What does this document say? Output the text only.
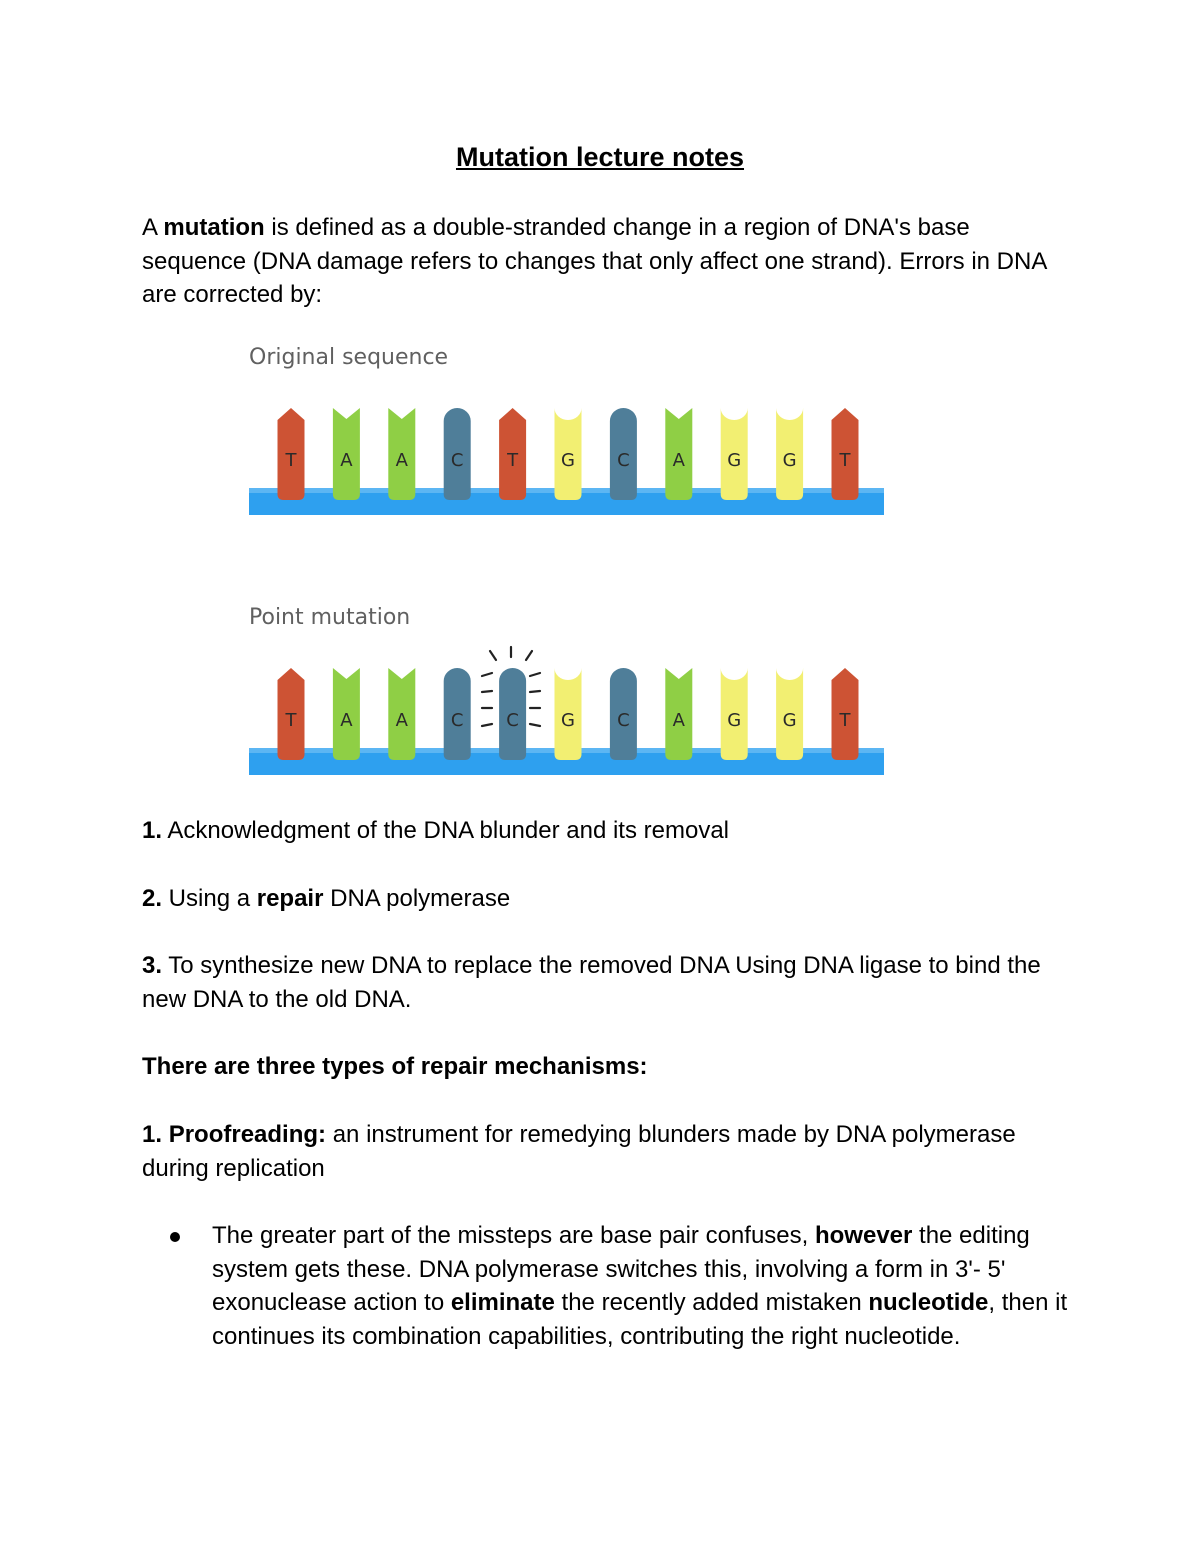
Mutation lecture notes
A mutation is defined as a double-stranded change in a region of DNA's base sequence (DNA damage refers to changes that only affect one strand). Errors in DNA are corrected by:
Original sequence
Point mutation
T A A C T G C A G G T
T A A C C G C A G G T
1. Acknowledgment of the DNA blunder and its removal
2. Using a repair DNA polymerase
3. To synthesize new DNA to replace the removed DNA Using DNA ligase to bind the new DNA to the old DNA.
There are three types of repair mechanisms:
1. Proofreading: an instrument for remedying blunders made by DNA polymerase during replication
The greater part of the missteps are base pair confuses, however the editing system gets these. DNA polymerase switches this, involving a form in 3'- 5' exonuclease action to eliminate the recently added mistaken nucleotide, then it continues its combination capabilities, contributing the right nucleotide.
